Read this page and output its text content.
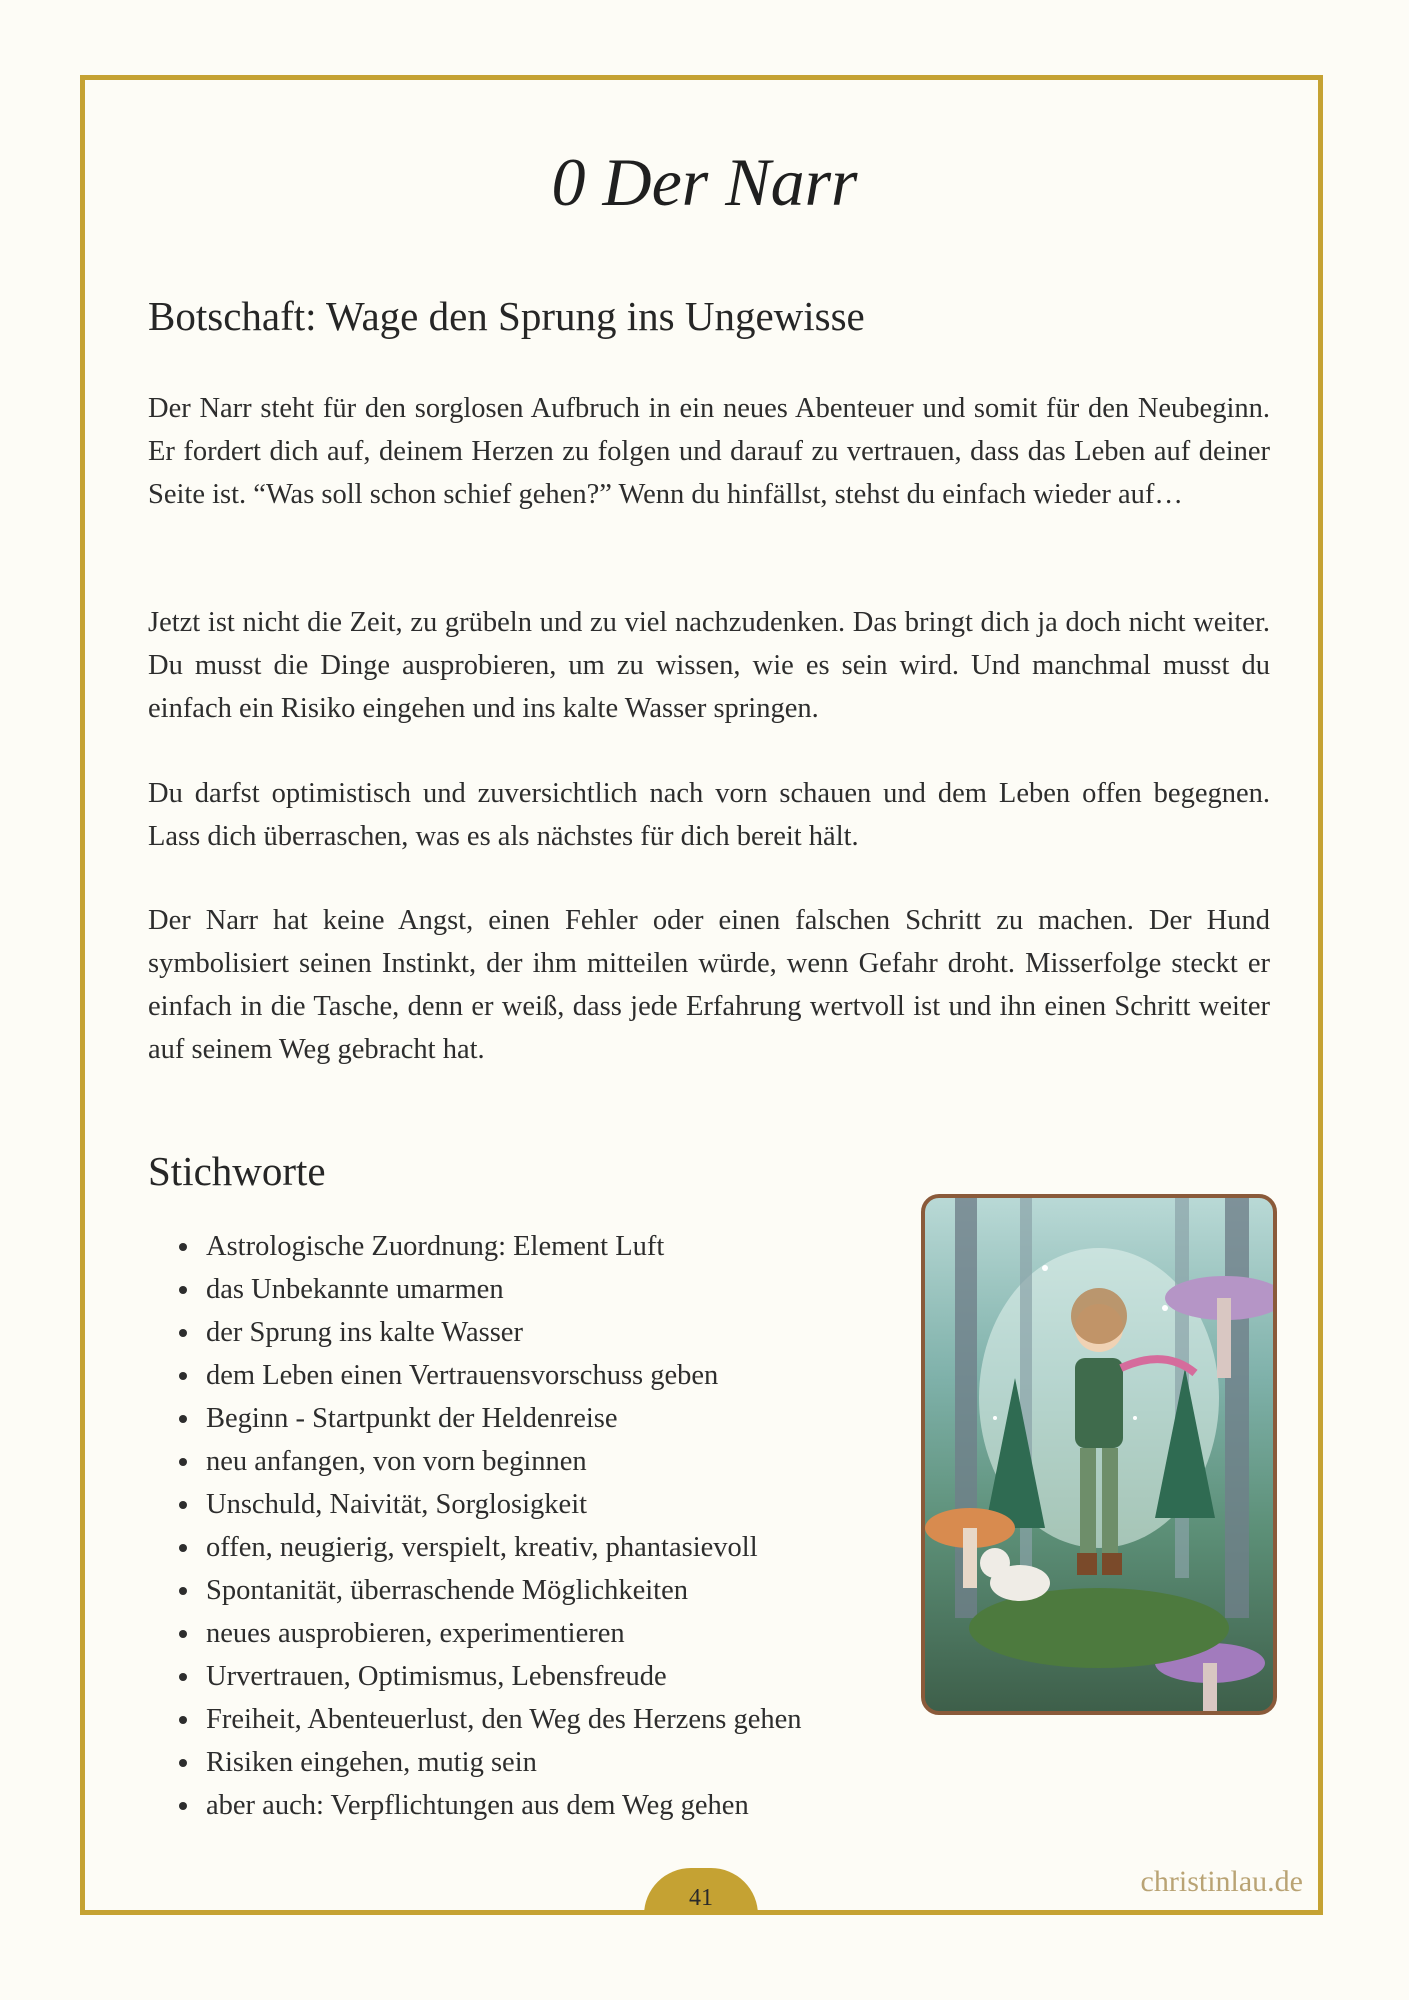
0 Der Narr
Botschaft: Wage den Sprung ins Ungewisse

Der Narr steht für den sorglosen Aufbruch in ein neues Abenteuer und somit für den Neubeginn. Er fordert dich auf, deinem Herzen zu folgen und darauf zu vertrauen, dass das Leben auf deiner Seite ist. “Was soll schon schief gehen?” Wenn du hinfällst, stehst du einfach wieder auf…

Jetzt ist nicht die Zeit, zu grübeln und zu viel nachzudenken. Das bringt dich ja doch nicht weiter. Du musst die Dinge ausprobieren, um zu wissen, wie es sein wird. Und manchmal musst du einfach ein Risiko eingehen und ins kalte Wasser springen.

Du darfst optimistisch und zuversichtlich nach vorn schauen und dem Leben offen begegnen. Lass dich überraschen, was es als nächstes für dich bereit hält.

Der Narr hat keine Angst, einen Fehler oder einen falschen Schritt zu machen. Der Hund symbolisiert seinen Instinkt, der ihm mitteilen würde, wenn Gefahr droht. Misserfolge steckt er einfach in die Tasche, denn er weiß, dass jede Erfahrung wertvoll ist und ihn einen Schritt weiter auf seinem Weg gebracht hat.

Stichworte
• Astrologische Zuordnung: Element Luft
• das Unbekannte umarmen
• der Sprung ins kalte Wasser
• dem Leben einen Vertrauensvorschuss geben
• Beginn - Startpunkt der Heldenreise
• neu anfangen, von vorn beginnen
• Unschuld, Naivität, Sorglosigkeit
• offen, neugierig, verspielt, kreativ, phantasievoll
• Spontanität, überraschende Möglichkeiten
• neues ausprobieren, experimentieren
• Urvertrauen, Optimismus, Lebensfreude
• Freiheit, Abenteuerlust, den Weg des Herzens gehen
• Risiken eingehen, mutig sein
• aber auch: Verpflichtungen aus dem Weg gehen
41	christinlau.de
